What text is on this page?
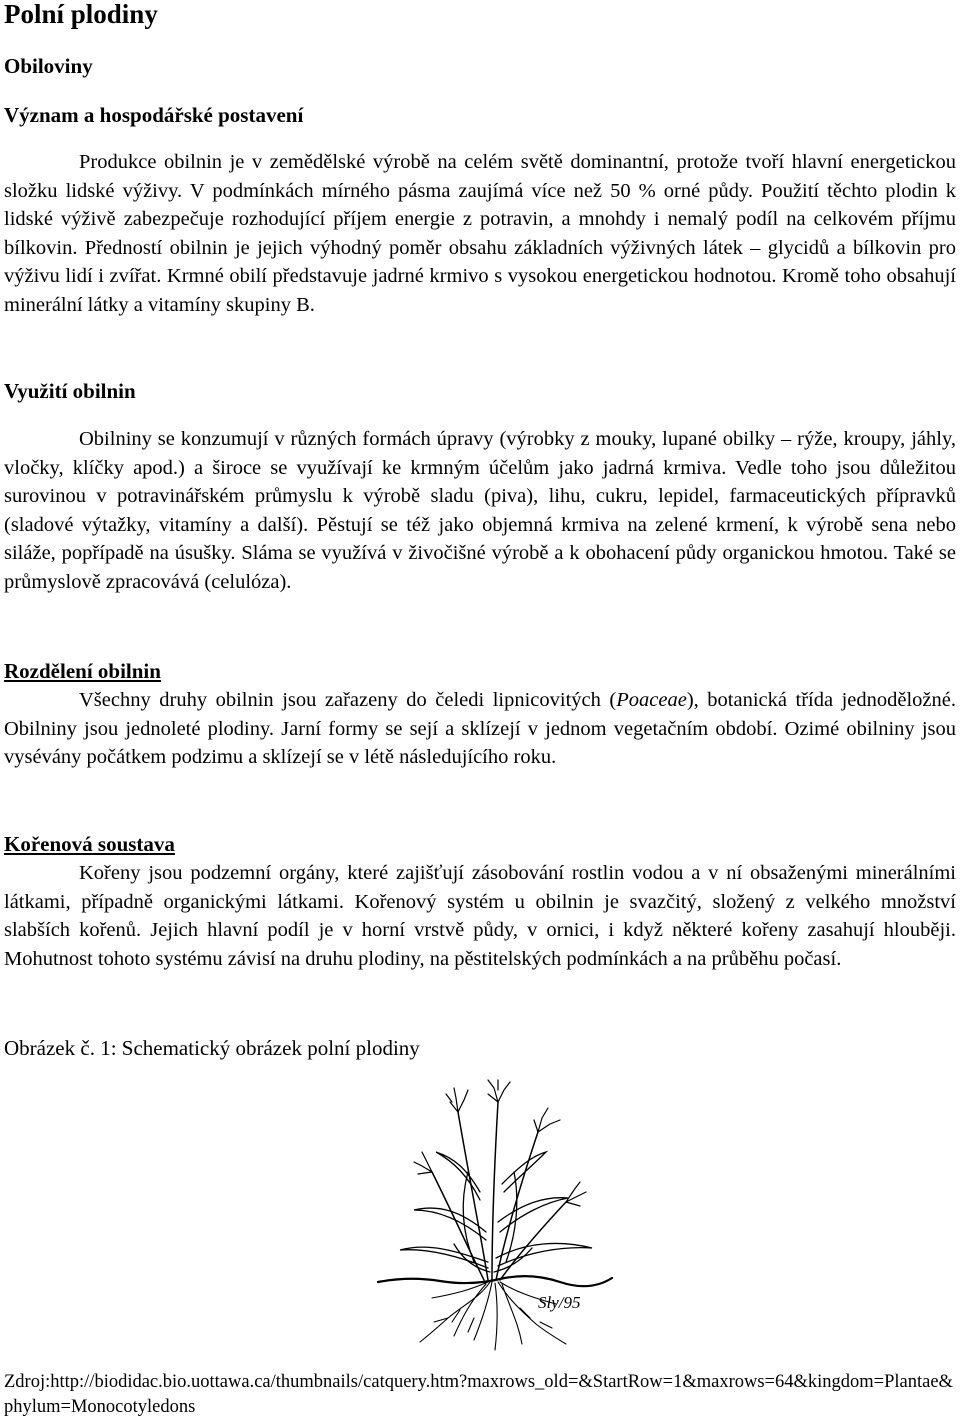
Polní plodiny
Obiloviny
Význam a hospodářské postavení

Produkce obilnin je v zemědělské výrobě na celém světě dominantní, protože tvoří hlavní energetickou složku lidské výživy. V podmínkách mírného pásma zaujímá více než 50 % orné půdy. Použití těchto plodin k lidské výživě zabezpečuje rozhodující příjem energie z potravin, a mnohdy i nemalý podíl na celkovém příjmu bílkovin. Předností obilnin je jejich výhodný poměr obsahu základních výživných látek – glycidů a bílkovin pro výživu lidí i zvířat. Krmné obilí představuje jadrné krmivo s vysokou energetickou hodnotou. Kromě toho obsahují minerální látky a vitamíny skupiny B.

Využití obilnin

Obilniny se konzumují v různých formách úpravy (výrobky z mouky, lupané obilky – rýže, kroupy, jáhly, vločky, klíčky apod.) a široce se využívají ke krmným účelům jako jadrná krmiva. Vedle toho jsou důležitou surovinou v potravinářském průmyslu k výrobě sladu (piva), lihu, cukru, lepidel, farmaceutických přípravků (sladové výtažky, vitamíny a další). Pěstují se též jako objemná krmiva na zelené krmení, k výrobě sena nebo siláže, popřípadě na úsušky. Sláma se využívá v živočišné výrobě a k obohacení půdy organickou hmotou. Také se průmyslově zpracovává (celulóza).

Rozdělení obilnin

Všechny druhy obilnin jsou zařazeny do čeledi lipnicovitých (Poaceae), botanická třída jednoděložné. Obilniny jsou jednoleté plodiny. Jarní formy se sejí a sklízejí v jednom vegetačním období. Ozimé obilniny jsou vysévány počátkem podzimu a sklízejí se v létě následujícího roku.

Kořenová soustava

Kořeny jsou podzemní orgány, které zajišťují zásobování rostlin vodou a v ní obsaženými minerálními látkami, případně organickými látkami. Kořenový systém u obilnin je svazčitý, složený z velkého množství slabších kořenů. Jejich hlavní podíl je v horní vrstvě půdy, v ornici, i když některé kořeny zasahují hlouběji. Mohutnost tohoto systému závisí na druhu plodiny, na pěstitelských podmínkách a na průběhu počasí.

Obrázek č. 1: Schematický obrázek polní plodiny

Sly/95

Zdroj:http://biodidac.bio.uottawa.ca/thumbnails/catquery.htm?maxrows_old=&StartRow=1&maxrows=64&kingdom=Plantae&phylum=Monocotyledons
